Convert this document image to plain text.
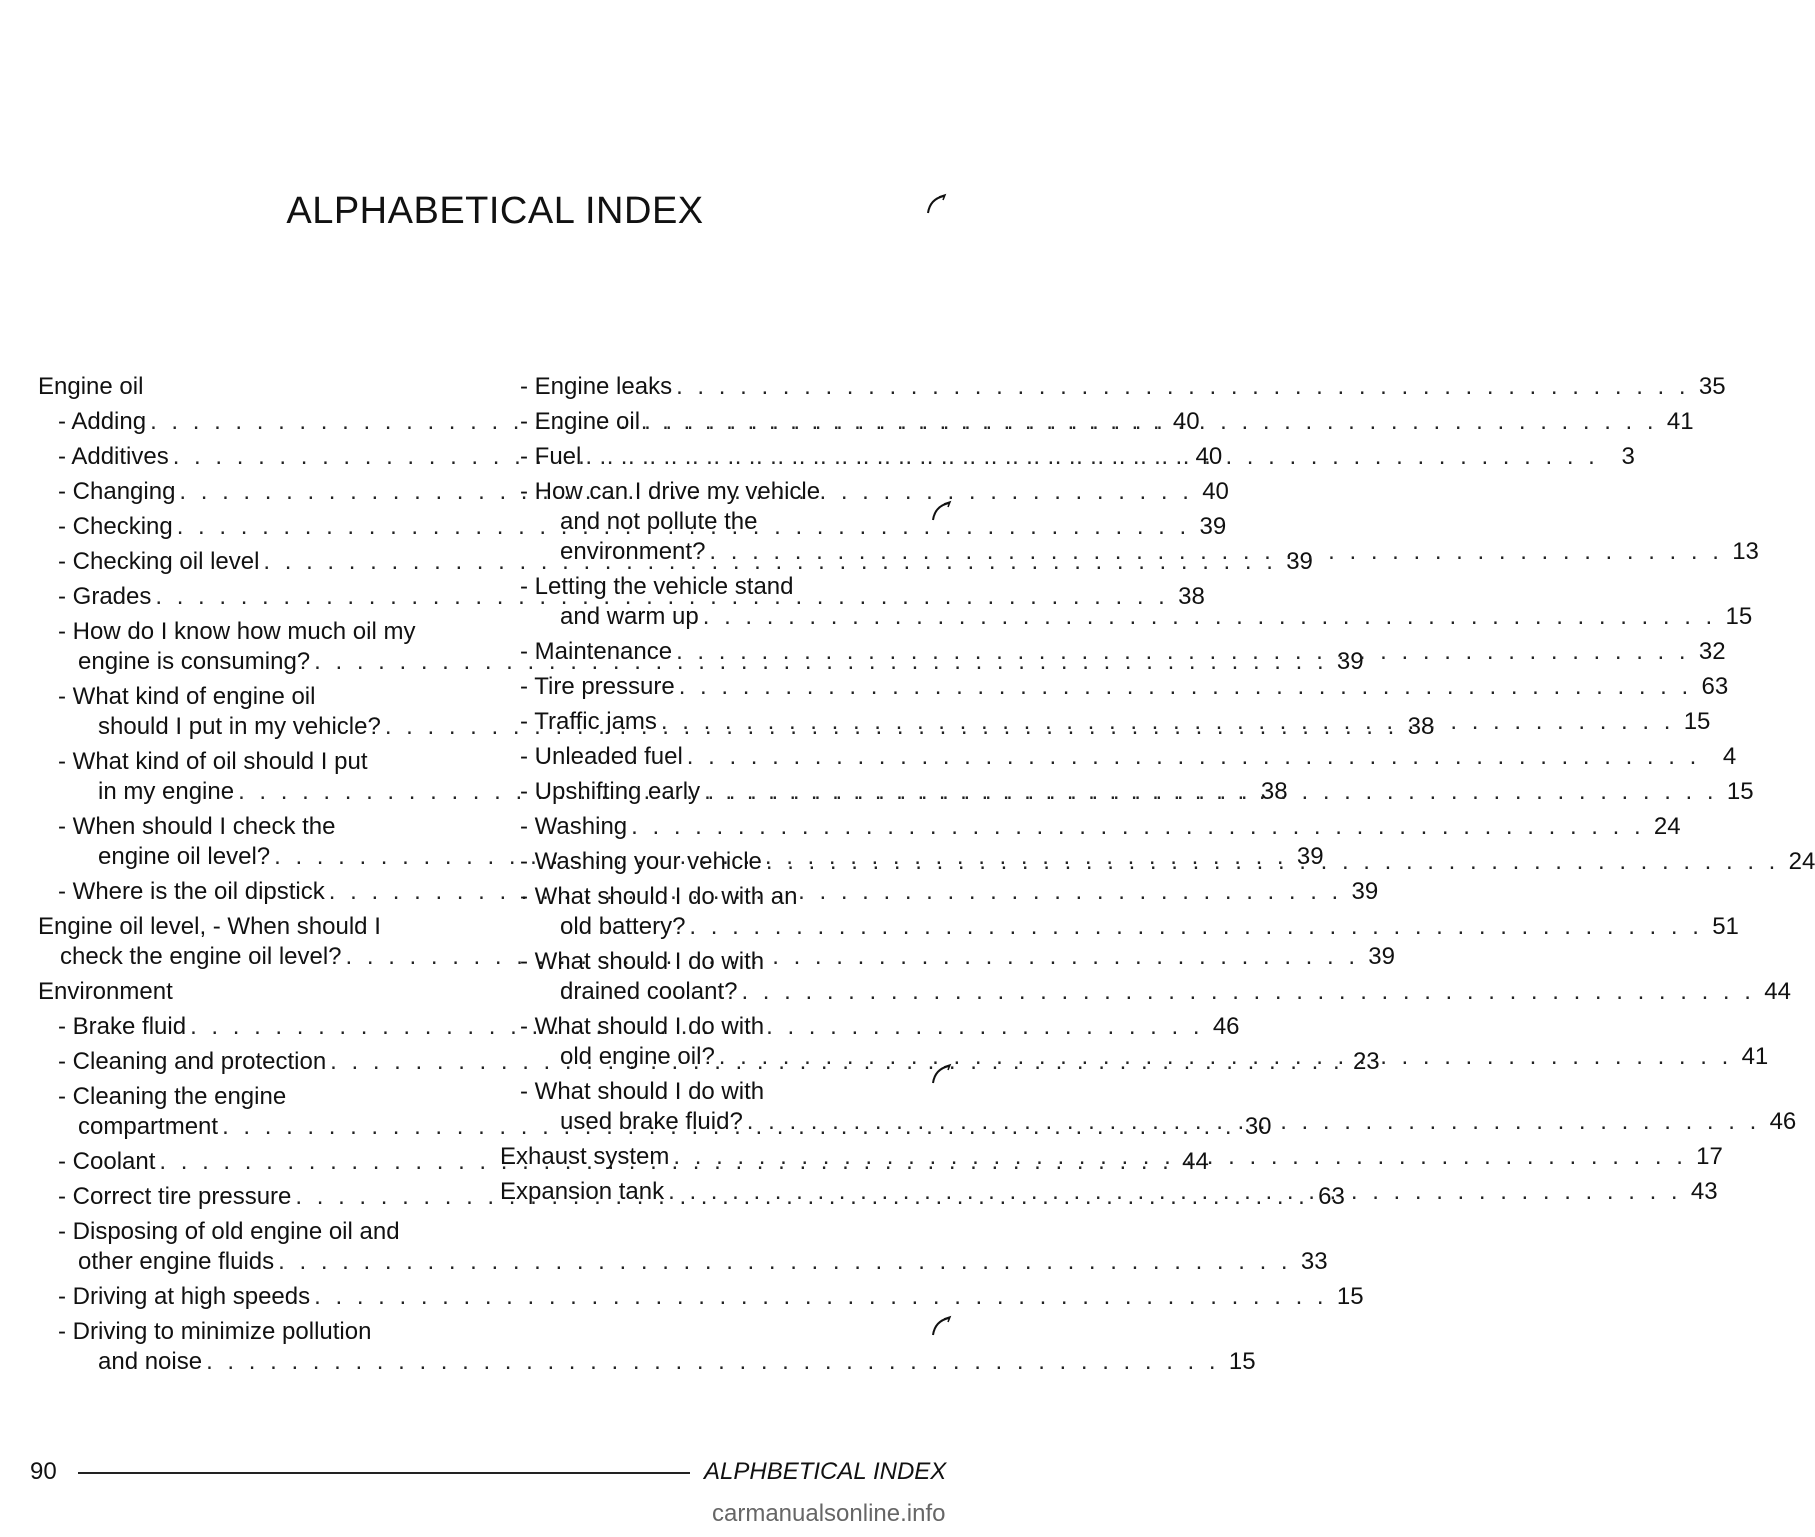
ALPHABETICAL INDEX
Engine oil
- Adding . . .	40
- Additives . . .	40
- Changing . . .	40
- Checking . . .	39
- Checking oil level . . .	39
- Grades . . .	38
- How do I know how much oil my
engine is consuming? . . .	39
- What kind of engine oil
should I put in my vehicle? . . .	38
- What kind of oil should I put
in my engine . . .	38
- When should I check the
engine oil level? . . .	39
- Where is the oil dipstick . . .	39
Engine oil level, - When should I
check the engine oil level? . . .	39
Environment
- Brake fluid . . .	46
- Cleaning and protection . . .	23
- Cleaning the engine
compartment . . .	30
- Coolant . . .	44
- Correct tire pressure . . .	63
- Disposing of old engine oil and
other engine fluids . . .	33
- Driving at high speeds . . .	15
- Driving to minimize pollution
and noise . . .	15
- Engine leaks . . .	35
- Engine oil . . .	41
- Fuel . . .	3
- How can I drive my vehicle
and not pollute the
environment? . . .	13
- Letting the vehicle stand
and warm up . . .	15
- Maintenance . . .	32
- Tire pressure . . .	63
- Traffic jams . . .	15
- Unleaded fuel . . .	4
- Upshifting early . . .	15
- Washing . . .	24
- Washing your vehicle . . .	24
- What should I do with an
old battery? . . .	51
- What should I do with
drained coolant? . . .	44
- What should I do with
old engine oil? . . .	41
- What should I do with
used brake fluid? . . .	46
Exhaust system . . .	17
Expansion tank . . .	43
90	ALPHBETICAL INDEX
carmanualsonline.info
